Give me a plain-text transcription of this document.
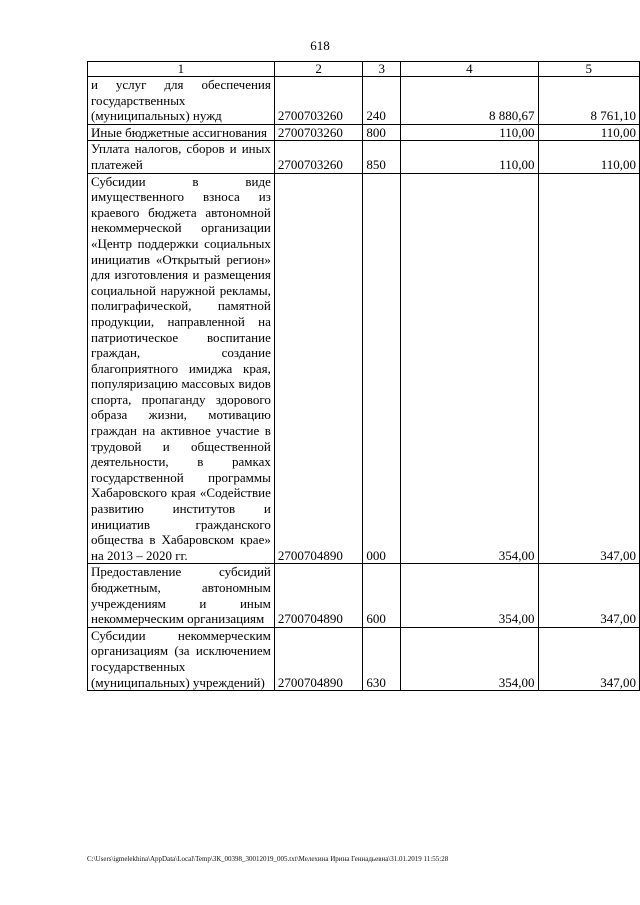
618
1	2	3	4	5
и услуг для обеспечения государственных (муниципальных) нужд	2700703260	240	8 880,67	8 761,10
Иные бюджетные ассигнования	2700703260	800	110,00	110,00
Уплата налогов, сборов и иных платежей	2700703260	850	110,00	110,00
Субсидии в виде имущественного взноса из краевого бюджета автономной некоммерческой организации «Центр поддержки социальных инициатив «Открытый регион» для изготовления и размещения социальной наружной рекламы, полиграфической, памятной продукции, направленной на патриотическое воспитание граждан, создание благоприятного имиджа края, популяризацию массовых видов спорта, пропаганду здорового образа жизни, мотивацию граждан на активное участие в трудовой и общественной деятельности, в рамках государственной программы Хабаровского края «Содействие развитию институтов и инициатив гражданского общества в Хабаровском крае» на 2013 – 2020 гг.	2700704890	000	354,00	347,00
Предоставление субсидий бюджетным, автономным учреждениям и иным некоммерческим организациям	2700704890	600	354,00	347,00
Субсидии некоммерческим организациям (за исключением государственных (муниципальных) учреждений)	2700704890	630	354,00	347,00
C:\Users\igmelekhina\AppData\Local\Temp\ЗК_00398_30012019_005.txt\Мелехина Ирина Геннадьевна\31.01.2019 11:55:28
